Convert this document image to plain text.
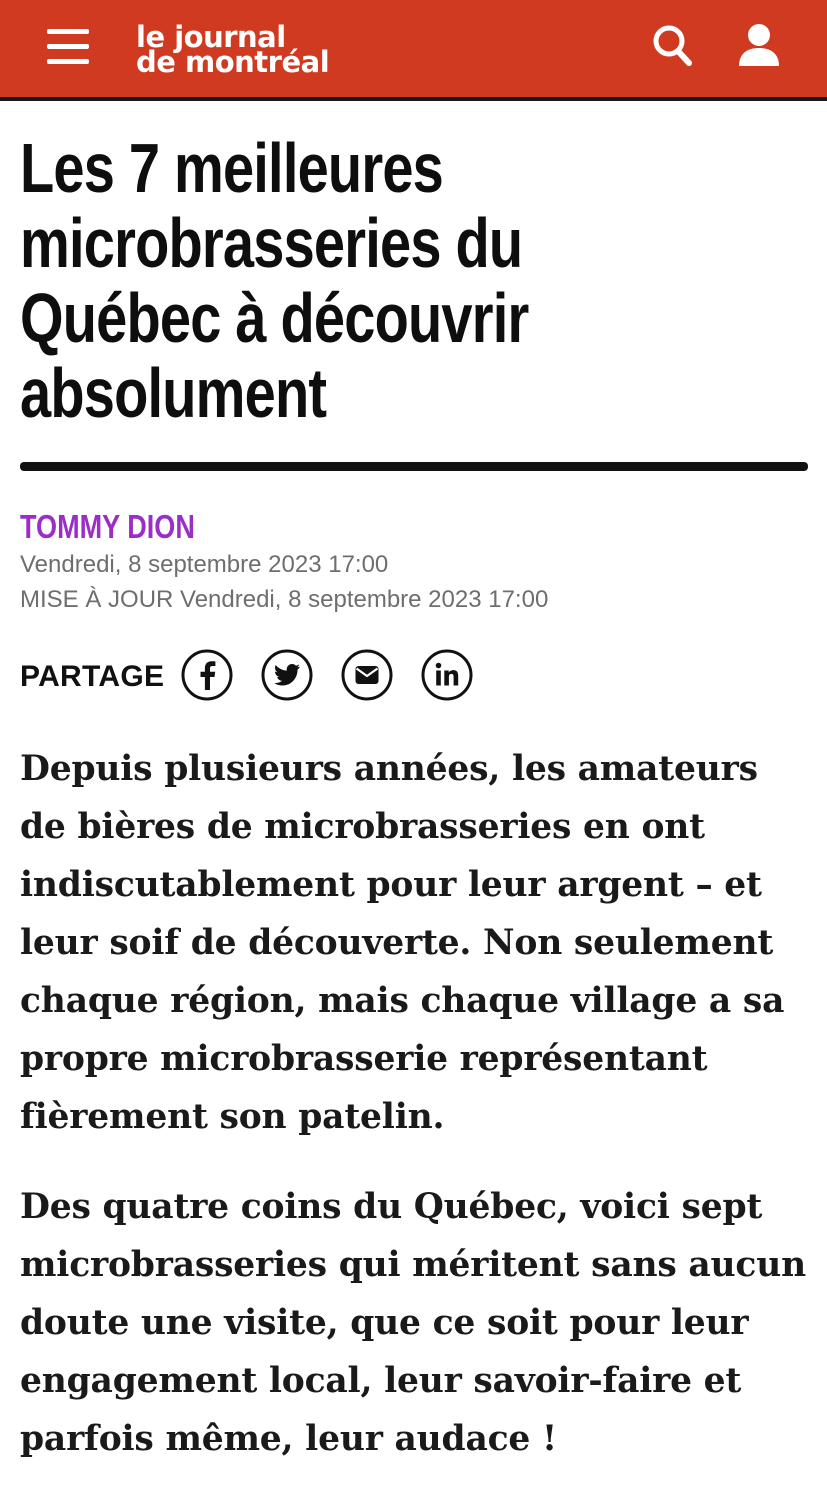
le journal
de montréal
Les 7 meilleures microbrasseries du Québec à découvrir absolument
TOMMY DION
Vendredi, 8 septembre 2023 17:00
MISE À JOUR Vendredi, 8 septembre 2023 17:00
PARTAGE

Depuis plusieurs années, les amateurs de bières de microbrasseries en ont indiscutablement pour leur argent – et leur soif de découverte. Non seulement chaque région, mais chaque village a sa propre microbrasserie représentant fièrement son patelin.

Des quatre coins du Québec, voici sept microbrasseries qui méritent sans aucun doute une visite, que ce soit pour leur engagement local, leur savoir-faire et parfois même, leur audace !
